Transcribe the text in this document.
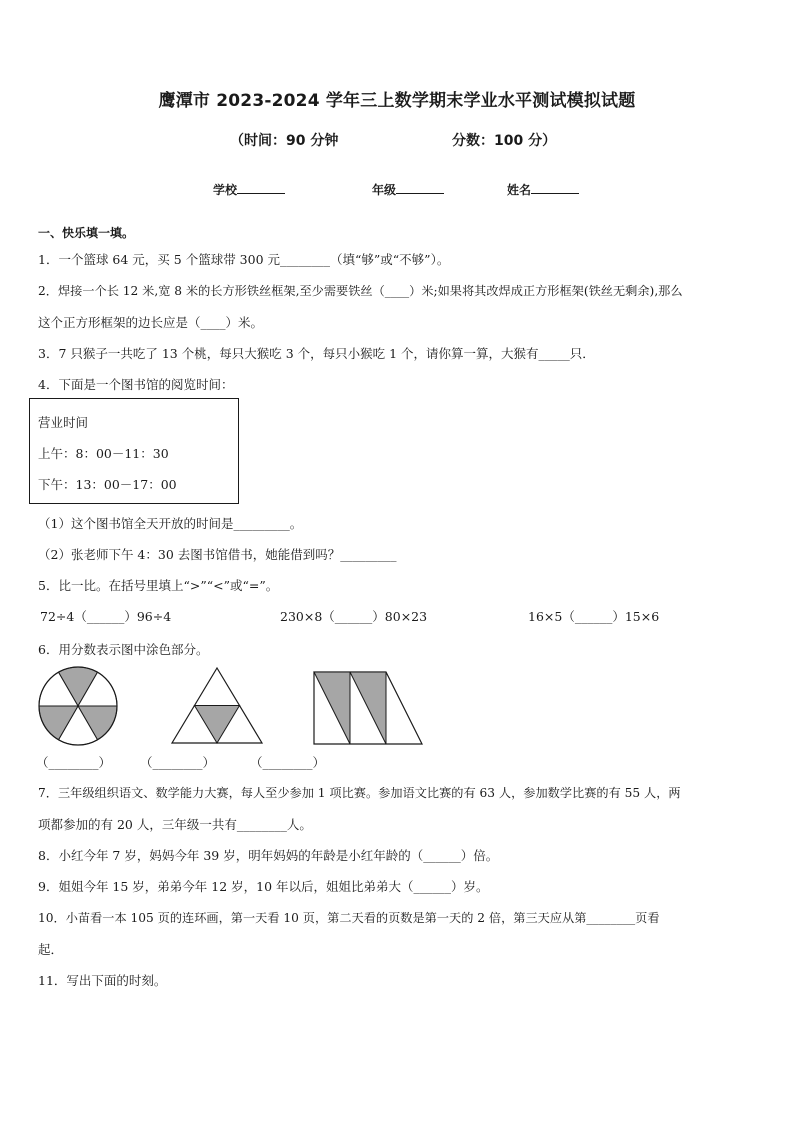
鹰潭市 2023-2024 学年三上数学期末学业水平测试模拟试题
（时间：90 分钟	分数：100 分）
学校	年级	姓名
一、快乐填一填。
1．一个篮球 64 元，买 5 个篮球带 300 元________（填“够”或“不够”）。
2．焊接一个长 12 米,宽 8 米的长方形铁丝框架,至少需要铁丝（____）米;如果将其改焊成正方形框架(铁丝无剩余),那么
这个正方形框架的边长应是（____）米。
3．7 只猴子一共吃了 13 个桃，每只大猴吃 3 个，每只小猴吃 1 个，请你算一算，大猴有_____只．
4．下面是一个图书馆的阅览时间：
营业时间
上午：8：00－11：30
下午：13：00－17：00
（1）这个图书馆全天开放的时间是_________。
（2）张老师下午 4：30 去图书馆借书，她能借到吗？_________
5．比一比。在括号里填上“>”“<”或“=”。
72÷4（______）96÷4	230×8（______）80×23	16×5（______）15×6
6．用分数表示图中涂色部分。
（________） （________）	（________）
7．三年级组织语文、数学能力大赛，每人至少参加 1 项比赛。参加语文比赛的有 63 人，参加数学比赛的有 55 人，两
项都参加的有 20 人，三年级一共有________人。
8．小红今年 7 岁，妈妈今年 39 岁，明年妈妈的年龄是小红年龄的（______）倍。
9．姐姐今年 15 岁，弟弟今年 12 岁，10 年以后，姐姐比弟弟大（______）岁。
10．小苗看一本 105 页的连环画，第一天看 10 页，第二天看的页数是第一天的 2 倍，第三天应从第________页看
起．
11．写出下面的时刻。
